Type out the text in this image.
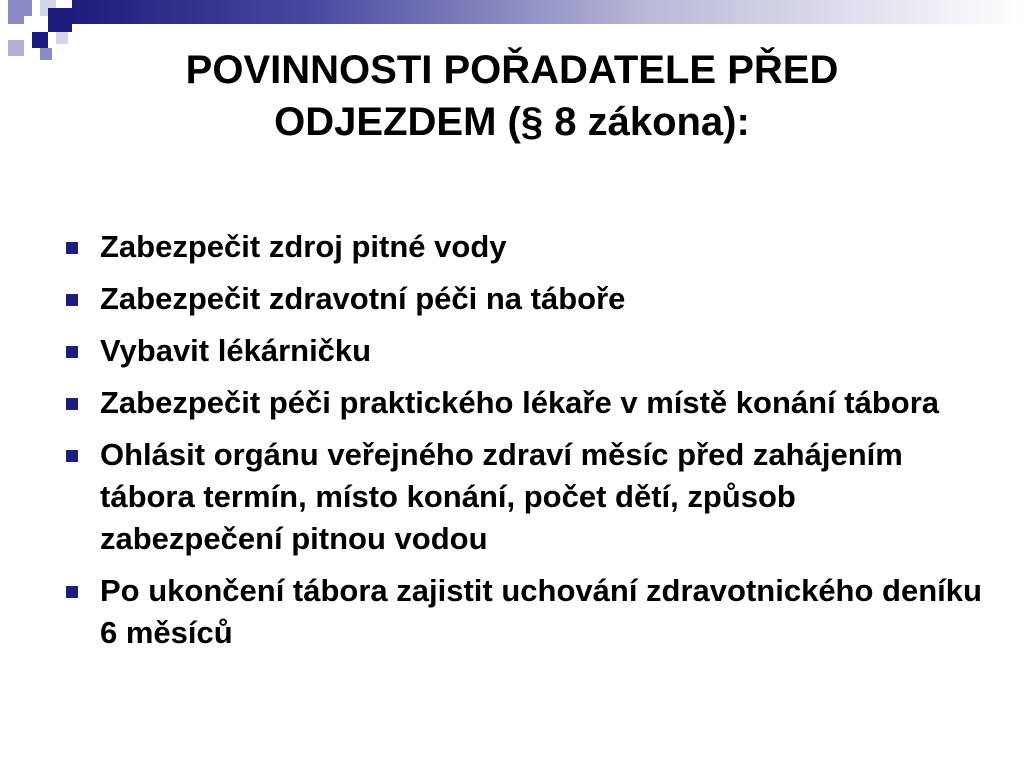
POVINNOSTI POŘADATELE PŘED
ODJEZDEM (§ 8 zákona):
Zabezpečit zdroj pitné vody
Zabezpečit zdravotní péči na táboře
Vybavit lékárničku
Zabezpečit péči praktického lékaře v místě konání tábora
Ohlásit orgánu veřejného zdraví měsíc před zahájením tábora termín, místo konání, počet dětí, způsob zabezpečení pitnou vodou
Po ukončení tábora zajistit uchování zdravotnického deníku 6 měsíců
